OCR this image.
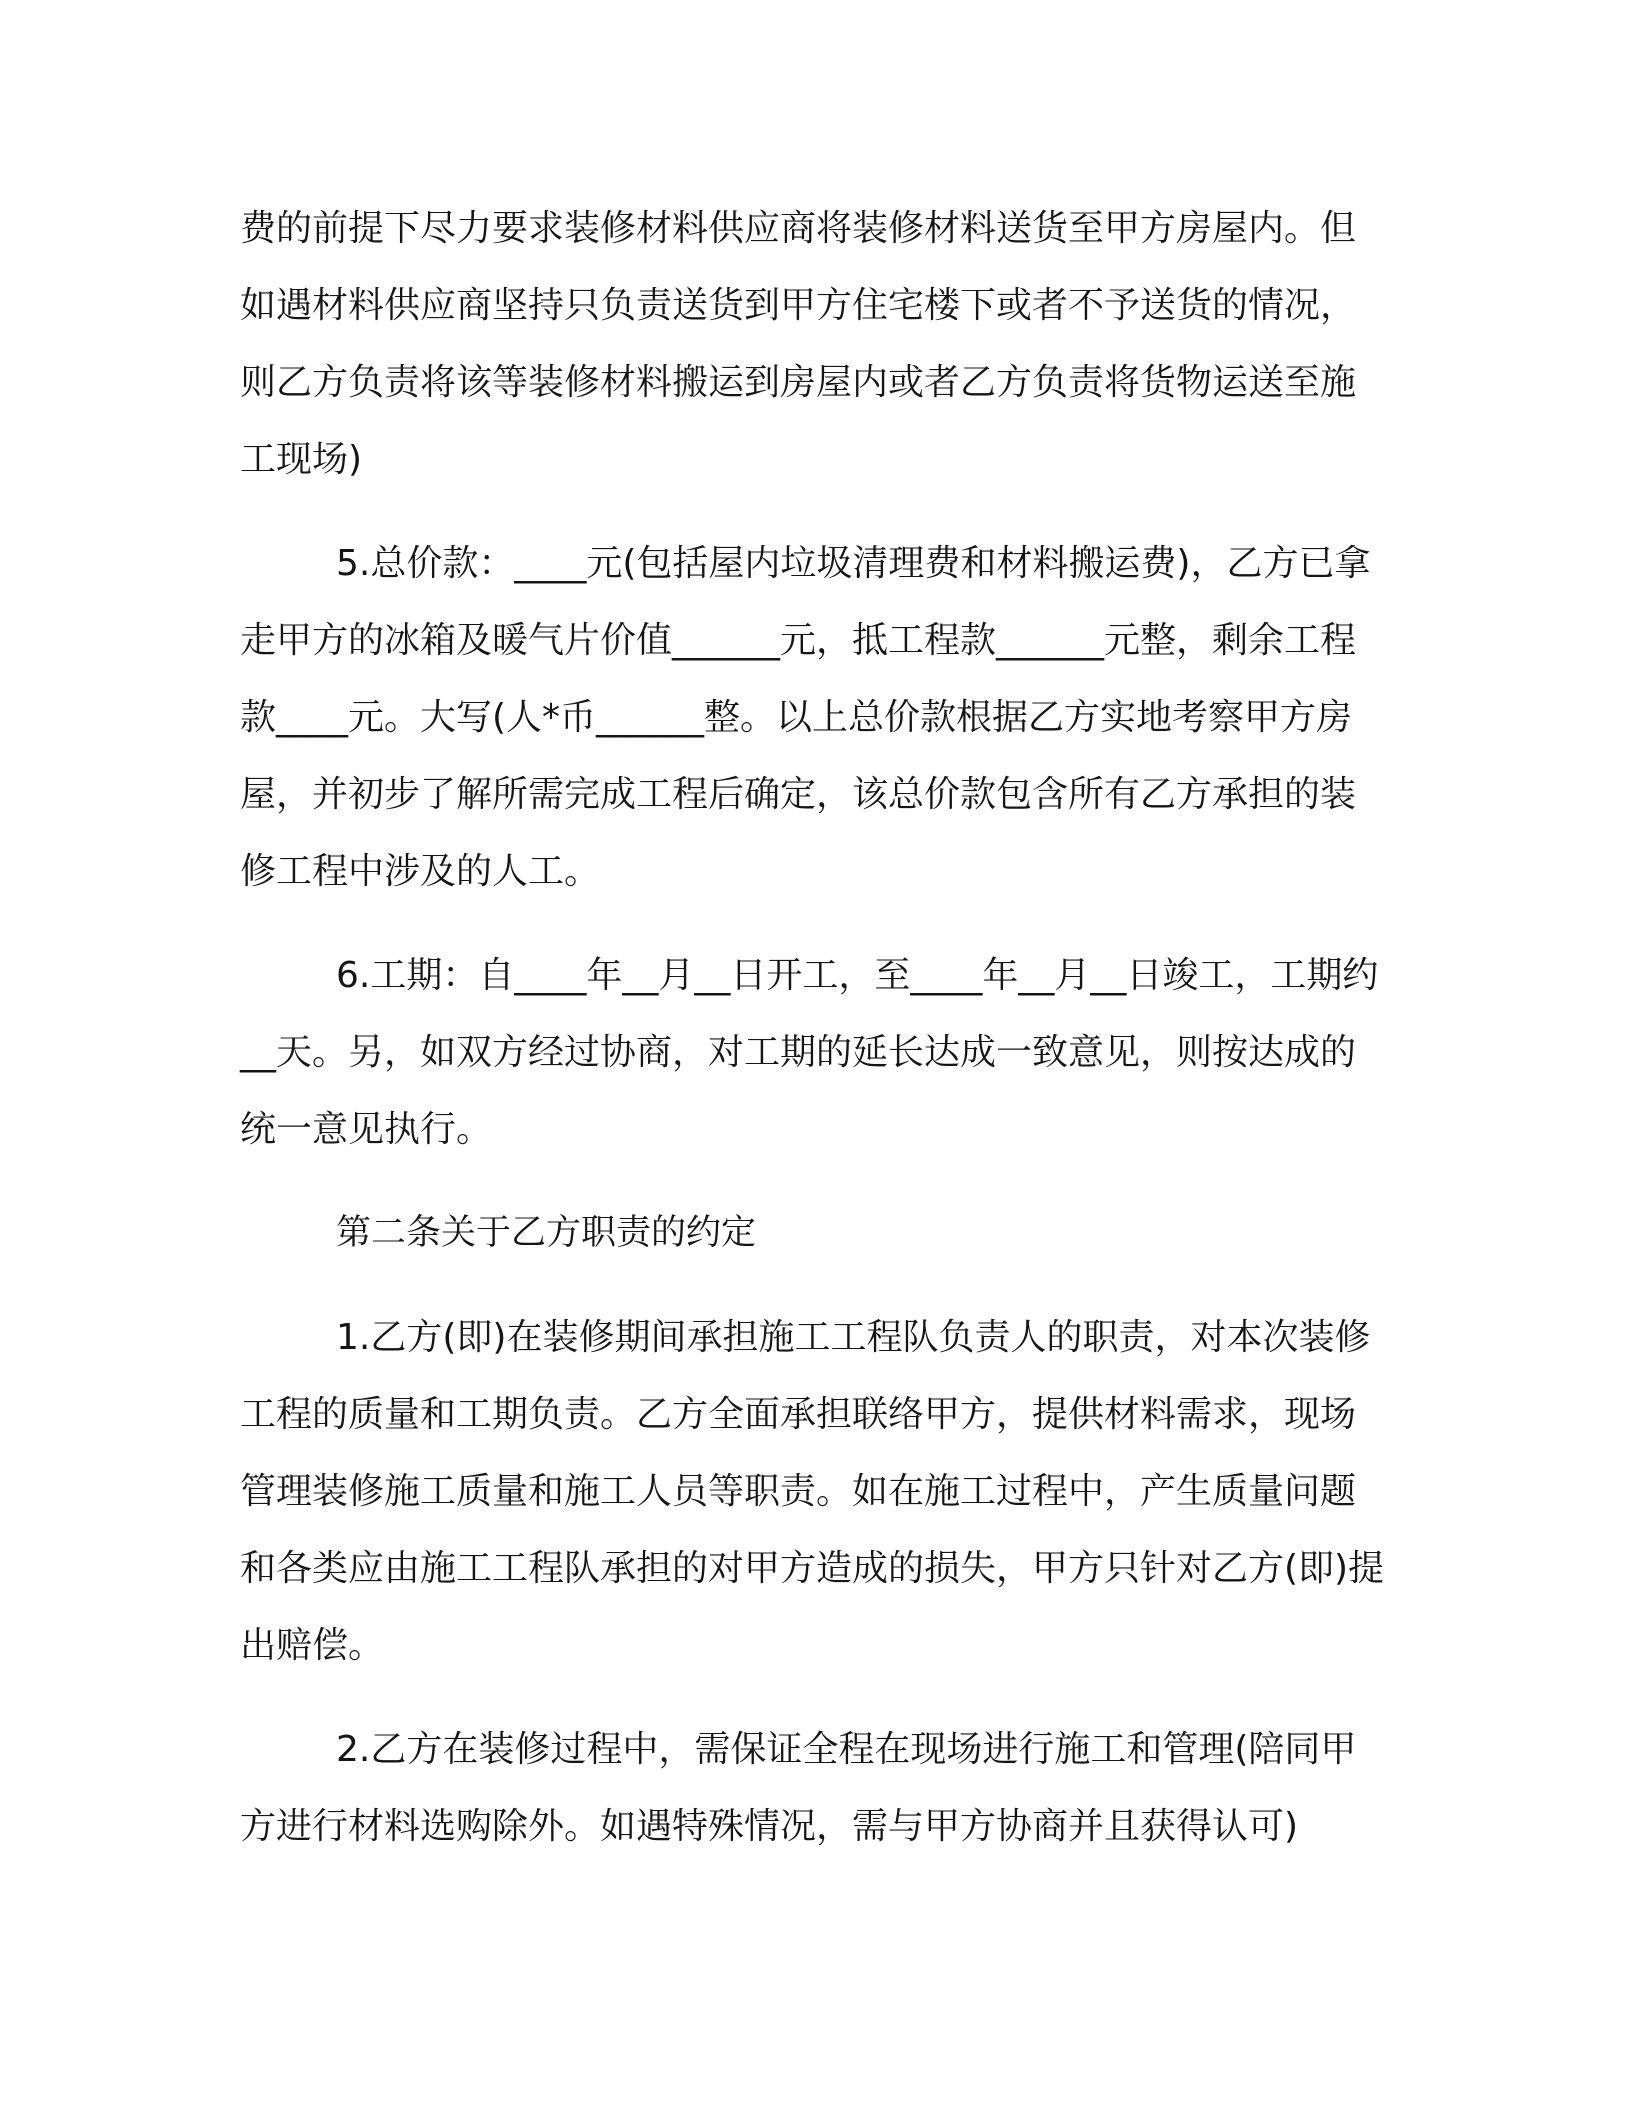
费的前提下尽力要求装修材料供应商将装修材料送货至甲方房屋内。但如遇材料供应商坚持只负责送货到甲方住宅楼下或者不予送货的情况，则乙方负责将该等装修材料搬运到房屋内或者乙方负责将货物运送至施工现场)

5.总价款：____元(包括屋内垃圾清理费和材料搬运费)，乙方已拿走甲方的冰箱及暖气片价值______元，抵工程款______元整，剩余工程款____元。大写(人*币______整。以上总价款根据乙方实地考察甲方房屋，并初步了解所需完成工程后确定，该总价款包含所有乙方承担的装修工程中涉及的人工。

6.工期：自____年__月__日开工，至____年__月__日竣工，工期约__天。另，如双方经过协商，对工期的延长达成一致意见，则按达成的统一意见执行。

第二条关于乙方职责的约定

1.乙方(即)在装修期间承担施工工程队负责人的职责，对本次装修工程的质量和工期负责。乙方全面承担联络甲方，提供材料需求，现场管理装修施工质量和施工人员等职责。如在施工过程中，产生质量问题和各类应由施工工程队承担的对甲方造成的损失，甲方只针对乙方(即)提出赔偿。

2.乙方在装修过程中，需保证全程在现场进行施工和管理(陪同甲方进行材料选购除外。如遇特殊情况，需与甲方协商并且获得认可)
